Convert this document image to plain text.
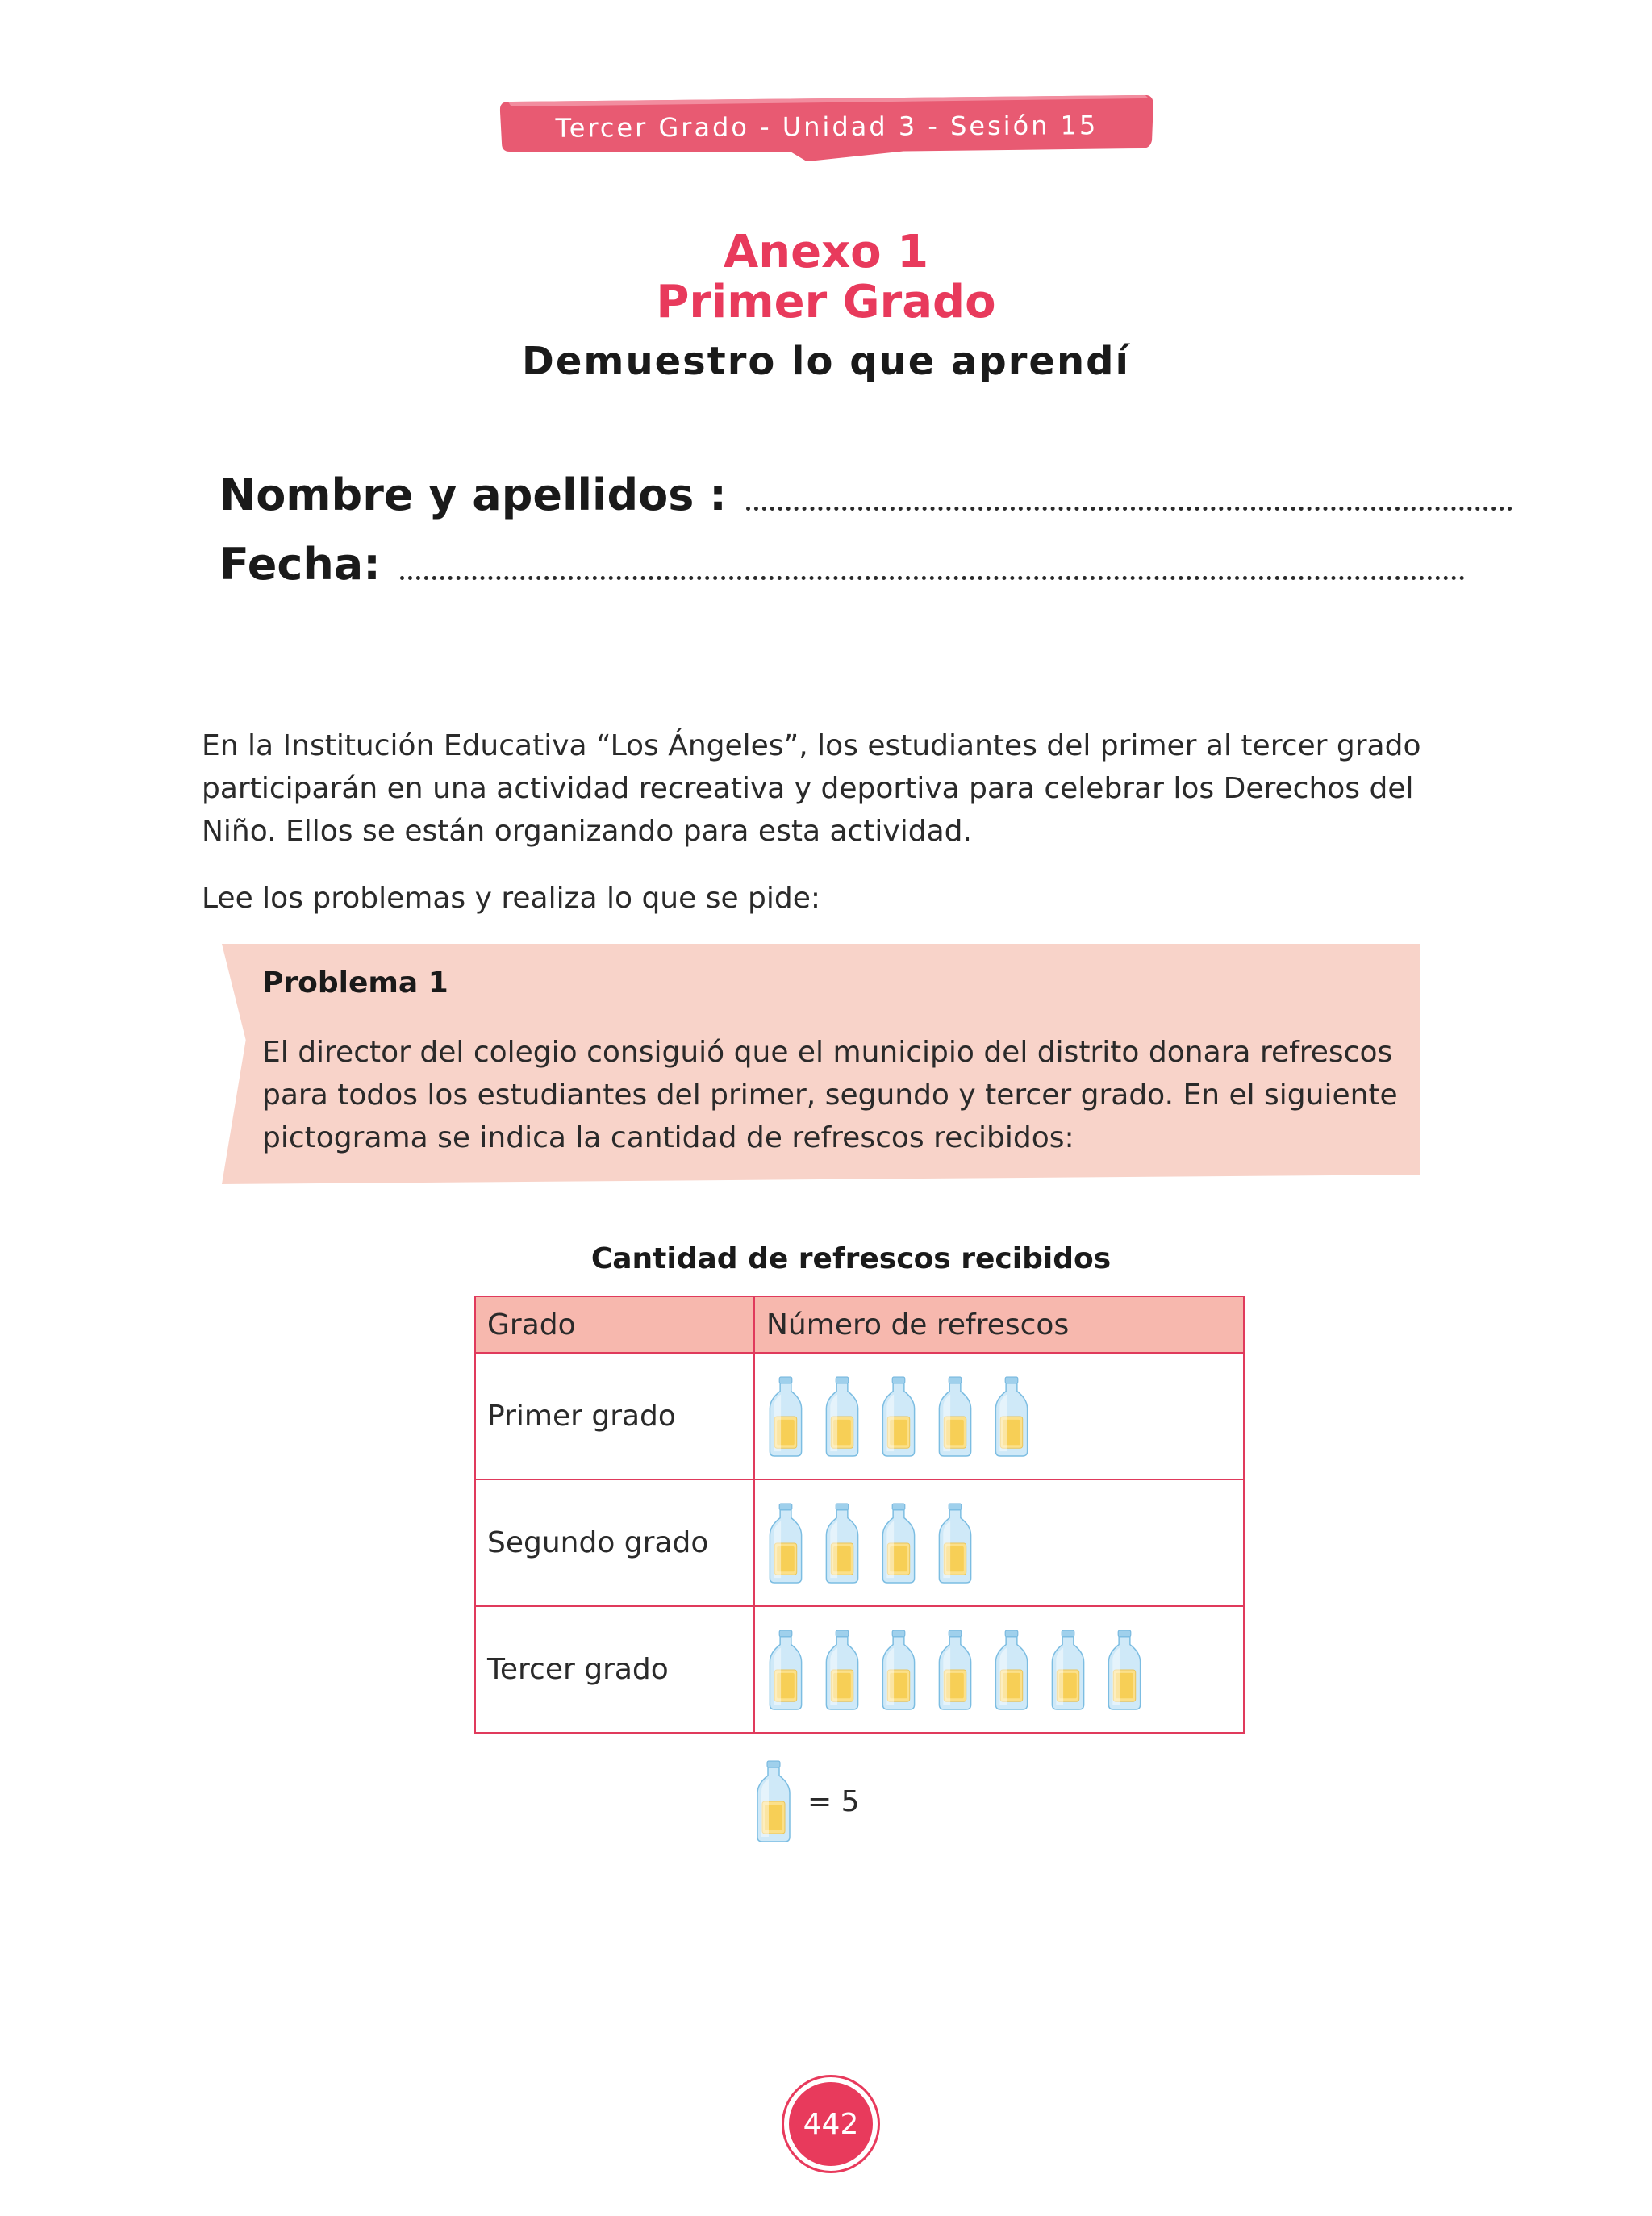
Tercer Grado - Unidad 3 - Sesión 15
Anexo 1
Primer Grado
Demuestro lo que aprendí
Nombre y apellidos :
Fecha:
En la Institución Educativa “Los Ángeles”, los estudiantes del primer al tercer grado participarán en una actividad recreativa y deportiva para celebrar los Derechos del Niño. Ellos se están organizando para esta actividad.
Lee los problemas y realiza lo que se pide:
Problema 1
El director del colegio consiguió que el municipio del distrito donara refrescos para todos los estudiantes del primer, segundo y tercer grado. En el siguiente pictograma se indica la cantidad de refrescos recibidos:
Cantidad de refrescos recibidos
Grado	Número de refrescos
Primer grado	

Segundo grado	

Tercer grado	
= 5
442
